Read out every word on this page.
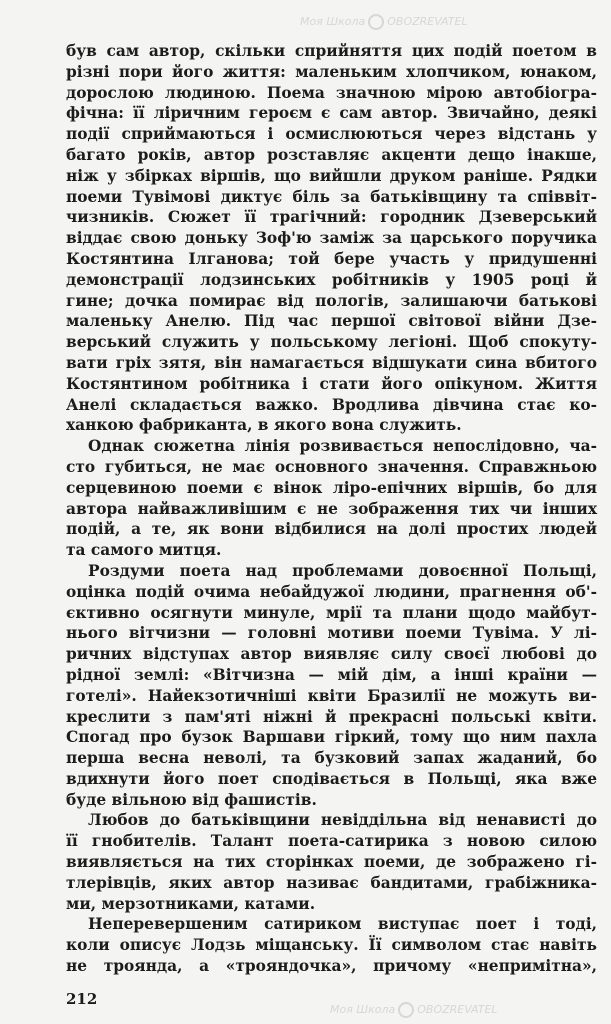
був сам автор, скільки сприйняття цих подій поетом в
різні пори його життя: маленьким хлопчиком, юнаком,
дорослою людиною. Поема значною мірою автобіогра-
фічна: її ліричним героєм є сам автор. Звичайно, деякі
події сприймаються і осмислюються через відстань у
багато років, автор розставляє акценти дещо інакше,
ніж у збірках віршів, що вийшли друком раніше. Рядки
поеми Тувімові диктує біль за батьківщину та співвіт-
чизників. Сюжет її трагічний: городник Дзеверський
віддає свою доньку Зоф'ю заміж за царського поручика
Костянтина Ілганова; той бере участь у придушенні
демонстрації лодзинських робітників у 1905 році й
гине; дочка помирає від пологів, залишаючи батькові
маленьку Анелю. Під час першої світової війни Дзе-
верський служить у польському легіоні. Щоб спокуту-
вати гріх зятя, він намагається відшукати сина вбитого
Костянтином робітника і стати його опікуном. Життя
Анелі складається важко. Вродлива дівчина стає ко-
ханкою фабриканта, в якого вона служить.
Однак сюжетна лінія розвивається непослідовно, ча-
сто губиться, не має основного значення. Справжньою
серцевиною поеми є вінок ліро-епічних віршів, бо для
автора найважливішим є не зображення тих чи інших
подій, а те, як вони відбилися на долі простих людей
та самого митця.
Роздуми поета над проблемами довоєнної Польщі,
оцінка подій очима небайдужої людини, прагнення об'-
єктивно осягнути минуле, мрії та плани щодо майбут-
нього вітчизни — головні мотиви поеми Тувіма. У лі-
ричних відступах автор виявляє силу своєї любові до
рідної землі: «Вітчизна — мій дім, а інші країни —
готелі». Найекзотичніші квіти Бразилії не можуть ви-
креслити з пам'яті ніжні й прекрасні польські квіти.
Спогад про бузок Варшави гіркий, тому що ним пахла
перша весна неволі, та бузковий запах жаданий, бо
вдихнути його поет сподівається в Польщі, яка вже
буде вільною від фашистів.
Любов до батьківщини невіддільна від ненависті до
її гнобителів. Талант поета-сатирика з новою силою
виявляється на тих сторінках поеми, де зображено гі-
тлерівців, яких автор називає бандитами, грабіжника-
ми, мерзотниками, катами.
Неперевершеним сатириком виступає поет і тоді,
коли описує Лодзь міщанську. Її символом стає навіть
не троянда, а «трояндочка», причому «непримітна»,
212
Моя Школа OBOZREVATEL
Моя Школа OBOZREVATEL
